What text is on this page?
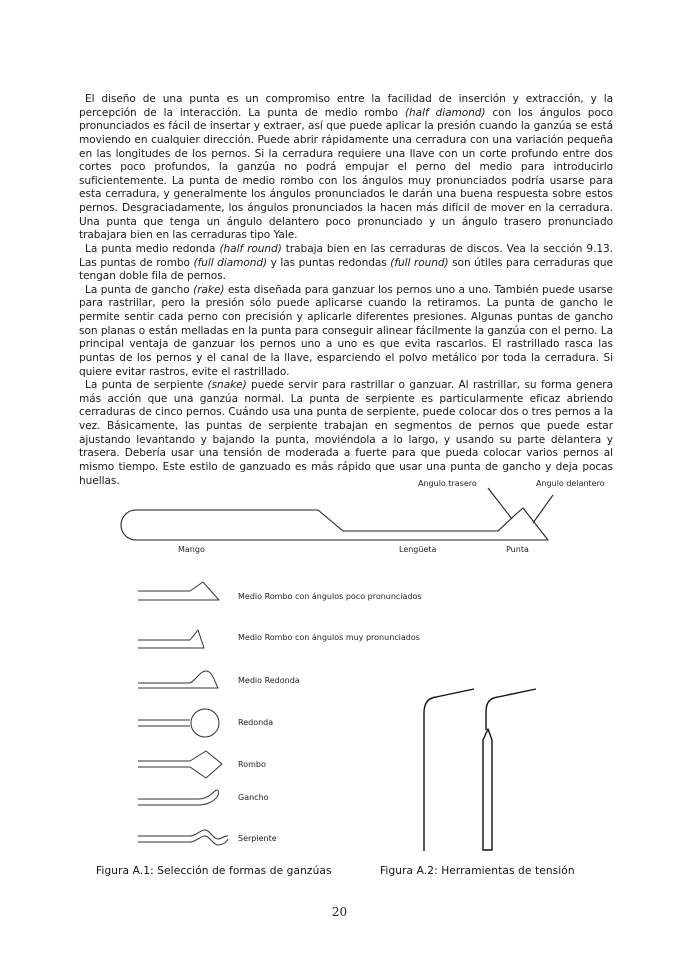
El diseño de una punta es un compromiso entre la facilidad de inserción y extracción, y la percepción de la interacción. La punta de medio rombo (half diamond) con los ángulos poco pronunciados es fácil de insertar y extraer, así que puede aplicar la presión cuando la ganzúa se está moviendo en cualquier dirección. Puede abrir rápidamente una cerradura con una variación pequeña en las longitudes de los pernos. Si la cerradura requiere una llave con un corte profundo entre dos cortes poco profundos, la ganzúa no podrá empujar el perno del medio para introducirlo suficientemente. La punta de medio rombo con los ángulos muy pronunciados podría usarse para esta cerradura, y generalmente los ángulos pronunciados le darán una buena respuesta sobre estos pernos. Desgraciadamente, los ángulos pronunciados la hacen más difícil de mover en la cerradura. Una punta que tenga un ángulo delantero poco pronunciado y un ángulo trasero pronunciado trabajara bien en las cerraduras tipo Yale.

La punta medio redonda (half round) trabaja bien en las cerraduras de discos. Vea la sección 9.13. Las puntas de rombo (full diamond) y las puntas redondas (full round) son útiles para cerraduras que tengan doble fila de pernos.

La punta de gancho (rake) esta diseñada para ganzuar los pernos uno a uno. También puede usarse para rastrillar, pero la presión sólo puede aplicarse cuando la retiramos. La punta de gancho le permite sentir cada perno con precisión y aplicarle diferentes presiones. Algunas puntas de gancho son planas o están melladas en la punta para conseguir alinear fácilmente la ganzúa con el perno. La principal ventaja de ganzuar los pernos uno a uno es que evita rascarlos. El rastrillado rasca las puntas de los pernos y el canal de la llave, esparciendo el polvo metálico por toda la cerradura. Si quiere evitar rastros, evite el rastrillado.

La punta de serpiente (snake) puede servir para rastrillar o ganzuar. Al rastrillar, su forma genera más acción que una ganzúa normal. La punta de serpiente es particularmente eficaz abriendo cerraduras de cinco pernos. Cuándo usa una punta de serpiente, puede colocar dos o tres pernos a la vez. Básicamente, las puntas de serpiente trabajan en segmentos de pernos que puede estar ajustando levantando y bajando la punta, moviéndola a lo largo, y usando su parte delantera y trasera. Debería usar una tensión de moderada a fuerte para que pueda colocar varios pernos al mismo tiempo. Este estilo de ganzuado es más rápido que usar una punta de gancho y deja pocas huellas.	Angulo trasero	Angulo delantero
Mango	Lengüeta	Punta
Medio Rombo con ángulos poco pronunciados
Medio Rombo con ángulos muy pronunciados
Medio Redonda
Redonda
Rombo
Gancho
Serpiente
Figura A.1: Selección de formas de ganzúas	Figura A.2: Herramientas de tensión
20
